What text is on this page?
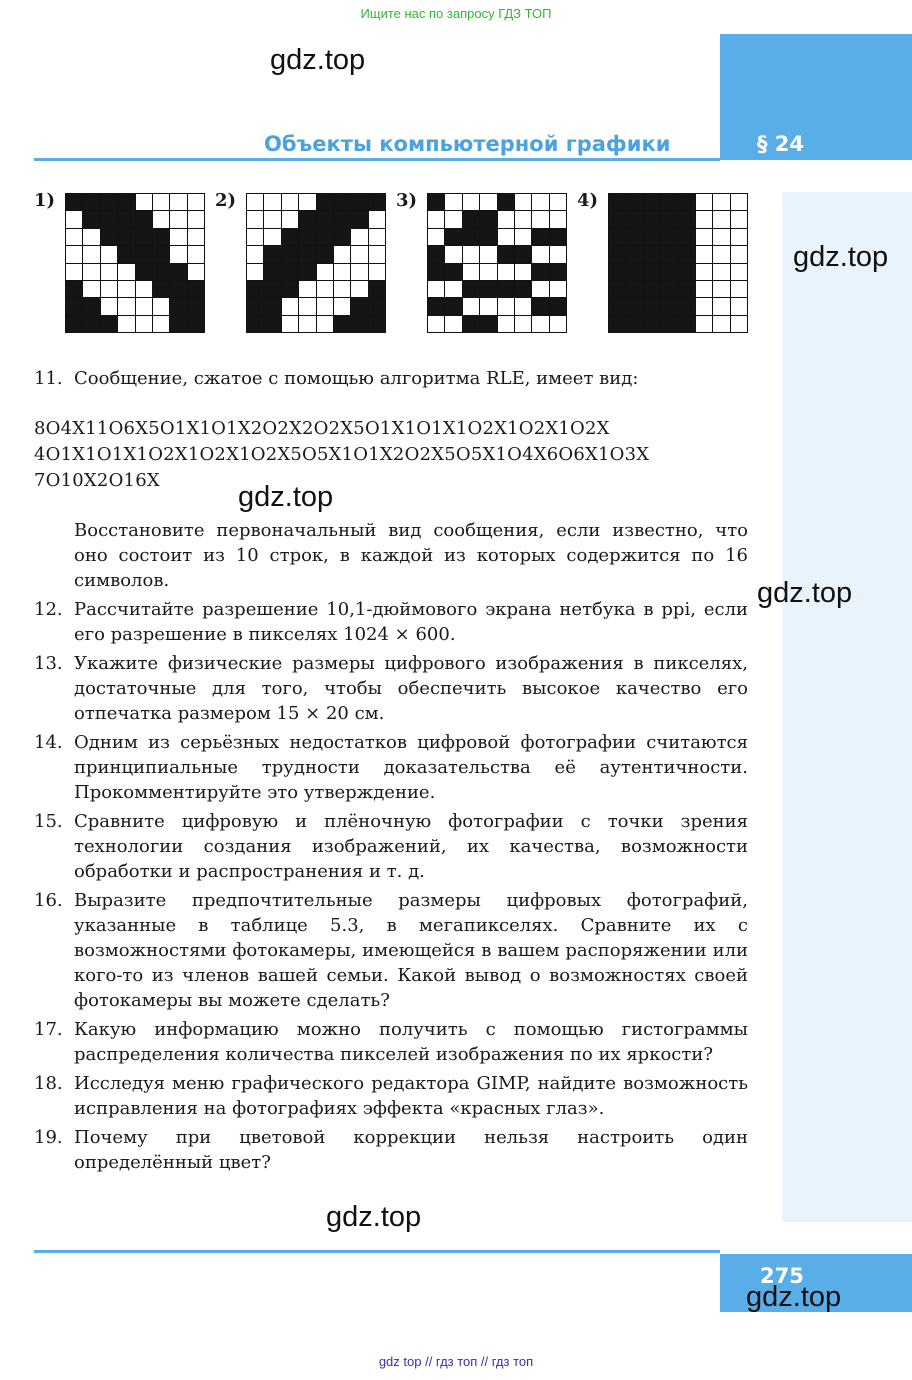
Ищите нас по запросу ГДЗ ТОП
Объекты компьютерной графики	§ 24
gdz.top
gdz.top
gdz.top
gdz.top
gdz.top
1)	2)	3)	4)
11. Сообщение, сжатое с помощью алгоритма RLE, имеет вид:
8O4X11O6X5O1X1O1X2O2X2O2X5O1X1O1X1O2X1O2X1O2X
4O1X1O1X1O2X1O2X1O2X5O5X1O1X2O2X5O5X1O4X6O6X1O3X
7O10X2O16X

Восстановите первоначальный вид сообщения, если известно, что оно состоит из 10 строк, в каждой из которых содержится по 16 символов.

12. Рассчитайте разрешение 10,1-дюймового экрана нетбука в ppi, если его разрешение в пикселях 1024 × 600.
13. Укажите физические размеры цифрового изображения в пикселях, достаточные для того, чтобы обеспечить высокое качество его отпечатка размером 15 × 20 см.
14. Одним из серьёзных недостатков цифровой фотографии считаются принципиальные трудности доказательства её аутентичности. Прокомментируйте это утверждение.
15. Сравните цифровую и плёночную фотографии с точки зрения технологии создания изображений, их качества, возможности обработки и распространения и т. д.
16. Выразите предпочтительные размеры цифровых фотографий, указанные в таблице 5.3, в мегапикселях. Сравните их с возможностями фотокамеры, имеющейся в вашем распоряжении или кого-то из членов вашей семьи. Какой вывод о возможностях своей фотокамеры вы можете сделать?
17. Какую информацию можно получить с помощью гистограммы распределения количества пикселей изображения по их яркости?
18. Исследуя меню графического редактора GIMP, найдите возможность исправления на фотографиях эффекта «красных глаз».
19. Почему при цветовой коррекции нельзя настроить один определённый цвет?
275
gdz.top
gdz top // гдз топ // гдз топ
